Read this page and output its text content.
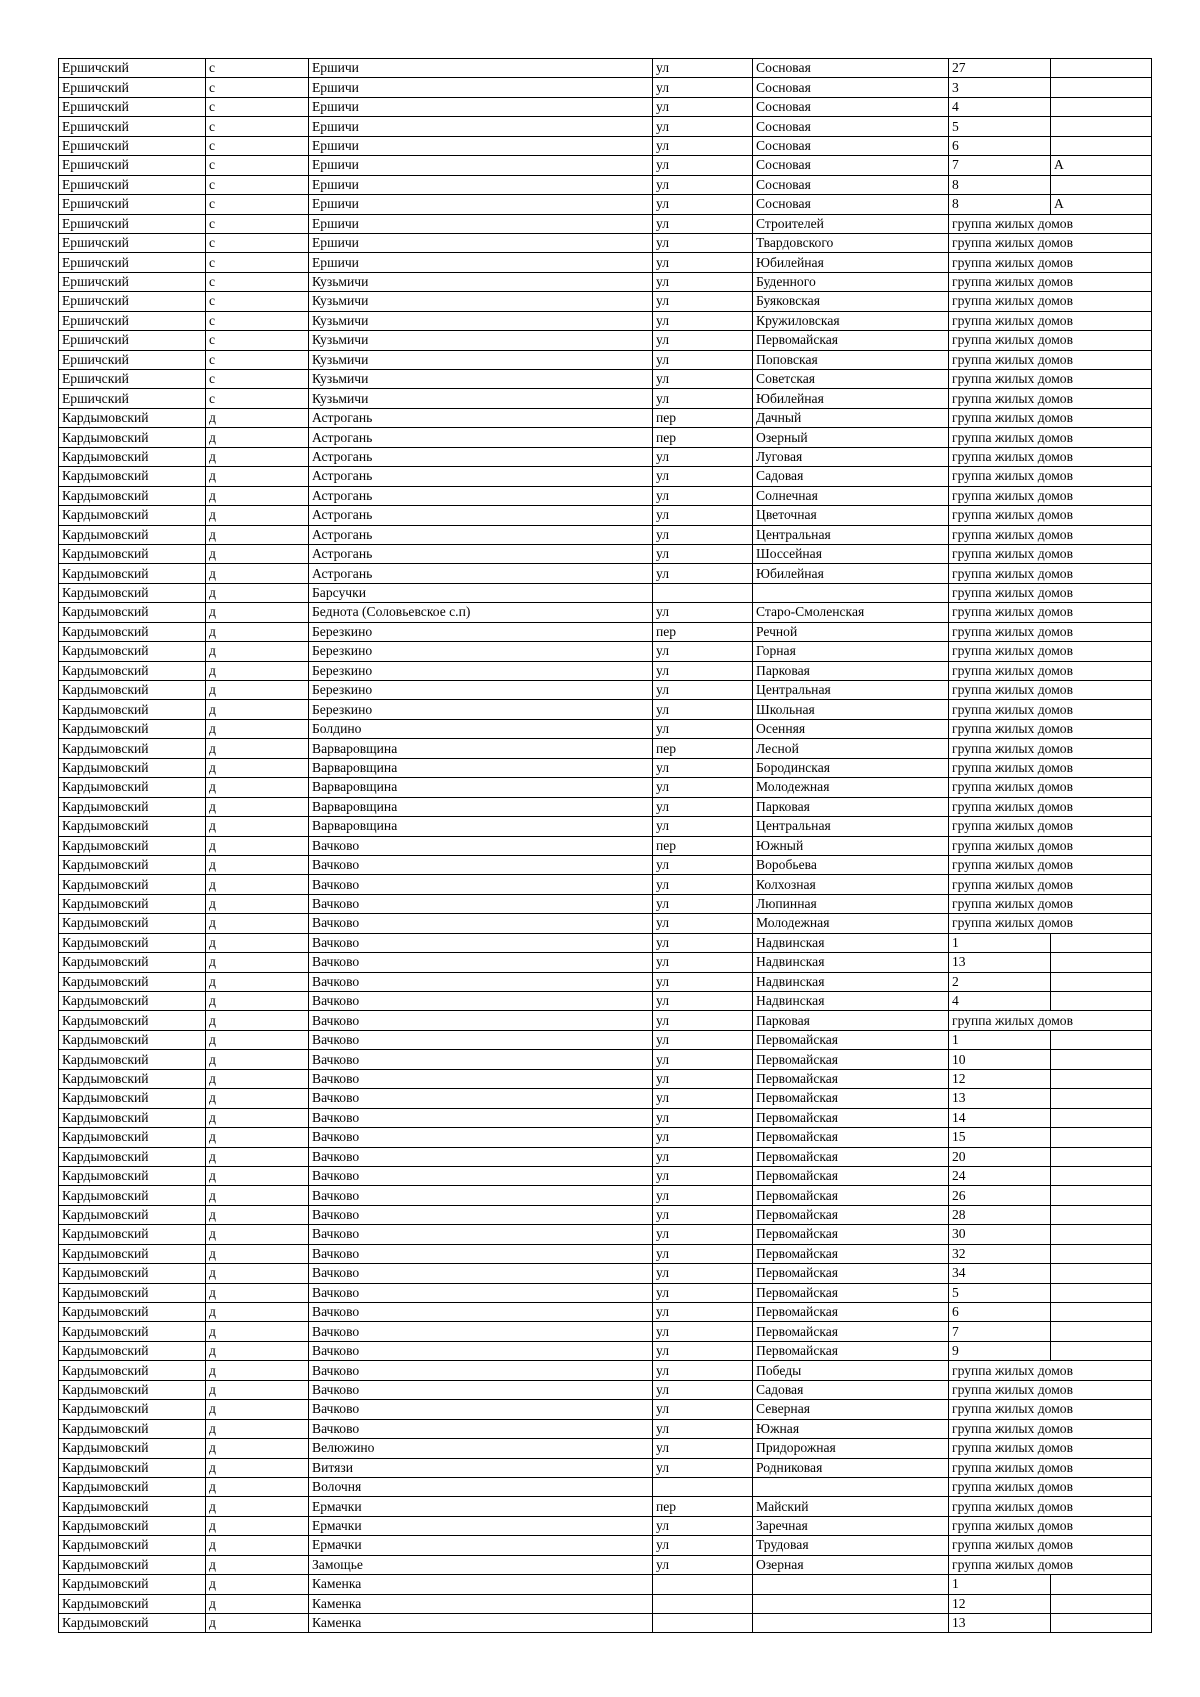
Ершичский	с	Ершичи	ул	Сосновая	27	
Ершичский	с	Ершичи	ул	Сосновая	3	
Ершичский	с	Ершичи	ул	Сосновая	4	
Ершичский	с	Ершичи	ул	Сосновая	5	
Ершичский	с	Ершичи	ул	Сосновая	6	
Ершичский	с	Ершичи	ул	Сосновая	7	А
Ершичский	с	Ершичи	ул	Сосновая	8	
Ершичский	с	Ершичи	ул	Сосновая	8	А
Ершичский	с	Ершичи	ул	Строителей	группа жилых домов	
Ершичский	с	Ершичи	ул	Твардовского	группа жилых домов	
Ершичский	с	Ершичи	ул	Юбилейная	группа жилых домов	
Ершичский	с	Кузьмичи	ул	Буденного	группа жилых домов	
Ершичский	с	Кузьмичи	ул	Буяковская	группа жилых домов	
Ершичский	с	Кузьмичи	ул	Кружиловская	группа жилых домов	
Ершичский	с	Кузьмичи	ул	Первомайская	группа жилых домов	
Ершичский	с	Кузьмичи	ул	Поповская	группа жилых домов	
Ершичский	с	Кузьмичи	ул	Советская	группа жилых домов	
Ершичский	с	Кузьмичи	ул	Юбилейная	группа жилых домов	
Кардымовский	д	Астрогань	пер	Дачный	группа жилых домов	
Кардымовский	д	Астрогань	пер	Озерный	группа жилых домов	
Кардымовский	д	Астрогань	ул	Луговая	группа жилых домов	
Кардымовский	д	Астрогань	ул	Садовая	группа жилых домов	
Кардымовский	д	Астрогань	ул	Солнечная	группа жилых домов	
Кардымовский	д	Астрогань	ул	Цветочная	группа жилых домов	
Кардымовский	д	Астрогань	ул	Центральная	группа жилых домов	
Кардымовский	д	Астрогань	ул	Шоссейная	группа жилых домов	
Кардымовский	д	Астрогань	ул	Юбилейная	группа жилых домов	
Кардымовский	д	Барсучки			группа жилых домов	
Кардымовский	д	Беднота (Соловьевское с.п)	ул	Старо-Смоленская	группа жилых домов	
Кардымовский	д	Березкино	пер	Речной	группа жилых домов	
Кардымовский	д	Березкино	ул	Горная	группа жилых домов	
Кардымовский	д	Березкино	ул	Парковая	группа жилых домов	
Кардымовский	д	Березкино	ул	Центральная	группа жилых домов	
Кардымовский	д	Березкино	ул	Школьная	группа жилых домов	
Кардымовский	д	Болдино	ул	Осенняя	группа жилых домов	
Кардымовский	д	Варваровщина	пер	Лесной	группа жилых домов	
Кардымовский	д	Варваровщина	ул	Бородинская	группа жилых домов	
Кардымовский	д	Варваровщина	ул	Молодежная	группа жилых домов	
Кардымовский	д	Варваровщина	ул	Парковая	группа жилых домов	
Кардымовский	д	Варваровщина	ул	Центральная	группа жилых домов	
Кардымовский	д	Вачково	пер	Южный	группа жилых домов	
Кардымовский	д	Вачково	ул	Воробьева	группа жилых домов	
Кардымовский	д	Вачково	ул	Колхозная	группа жилых домов	
Кардымовский	д	Вачково	ул	Люпинная	группа жилых домов	
Кардымовский	д	Вачково	ул	Молодежная	группа жилых домов	
Кардымовский	д	Вачково	ул	Надвинская	1	
Кардымовский	д	Вачково	ул	Надвинская	13	
Кардымовский	д	Вачково	ул	Надвинская	2	
Кардымовский	д	Вачково	ул	Надвинская	4	
Кардымовский	д	Вачково	ул	Парковая	группа жилых домов	
Кардымовский	д	Вачково	ул	Первомайская	1	
Кардымовский	д	Вачково	ул	Первомайская	10	
Кардымовский	д	Вачково	ул	Первомайская	12	
Кардымовский	д	Вачково	ул	Первомайская	13	
Кардымовский	д	Вачково	ул	Первомайская	14	
Кардымовский	д	Вачково	ул	Первомайская	15	
Кардымовский	д	Вачково	ул	Первомайская	20	
Кардымовский	д	Вачково	ул	Первомайская	24	
Кардымовский	д	Вачково	ул	Первомайская	26	
Кардымовский	д	Вачково	ул	Первомайская	28	
Кардымовский	д	Вачково	ул	Первомайская	30	
Кардымовский	д	Вачково	ул	Первомайская	32	
Кардымовский	д	Вачково	ул	Первомайская	34	
Кардымовский	д	Вачково	ул	Первомайская	5	
Кардымовский	д	Вачково	ул	Первомайская	6	
Кардымовский	д	Вачково	ул	Первомайская	7	
Кардымовский	д	Вачково	ул	Первомайская	9	
Кардымовский	д	Вачково	ул	Победы	группа жилых домов	
Кардымовский	д	Вачково	ул	Садовая	группа жилых домов	
Кардымовский	д	Вачково	ул	Северная	группа жилых домов	
Кардымовский	д	Вачково	ул	Южная	группа жилых домов	
Кардымовский	д	Велюжино	ул	Придорожная	группа жилых домов	
Кардымовский	д	Витязи	ул	Родниковая	группа жилых домов	
Кардымовский	д	Волочня			группа жилых домов	
Кардымовский	д	Ермачки	пер	Майский	группа жилых домов	
Кардымовский	д	Ермачки	ул	Заречная	группа жилых домов	
Кардымовский	д	Ермачки	ул	Трудовая	группа жилых домов	
Кардымовский	д	Замощье	ул	Озерная	группа жилых домов	
Кардымовский	д	Каменка			1	
Кардымовский	д	Каменка			12	
Кардымовский	д	Каменка			13	
